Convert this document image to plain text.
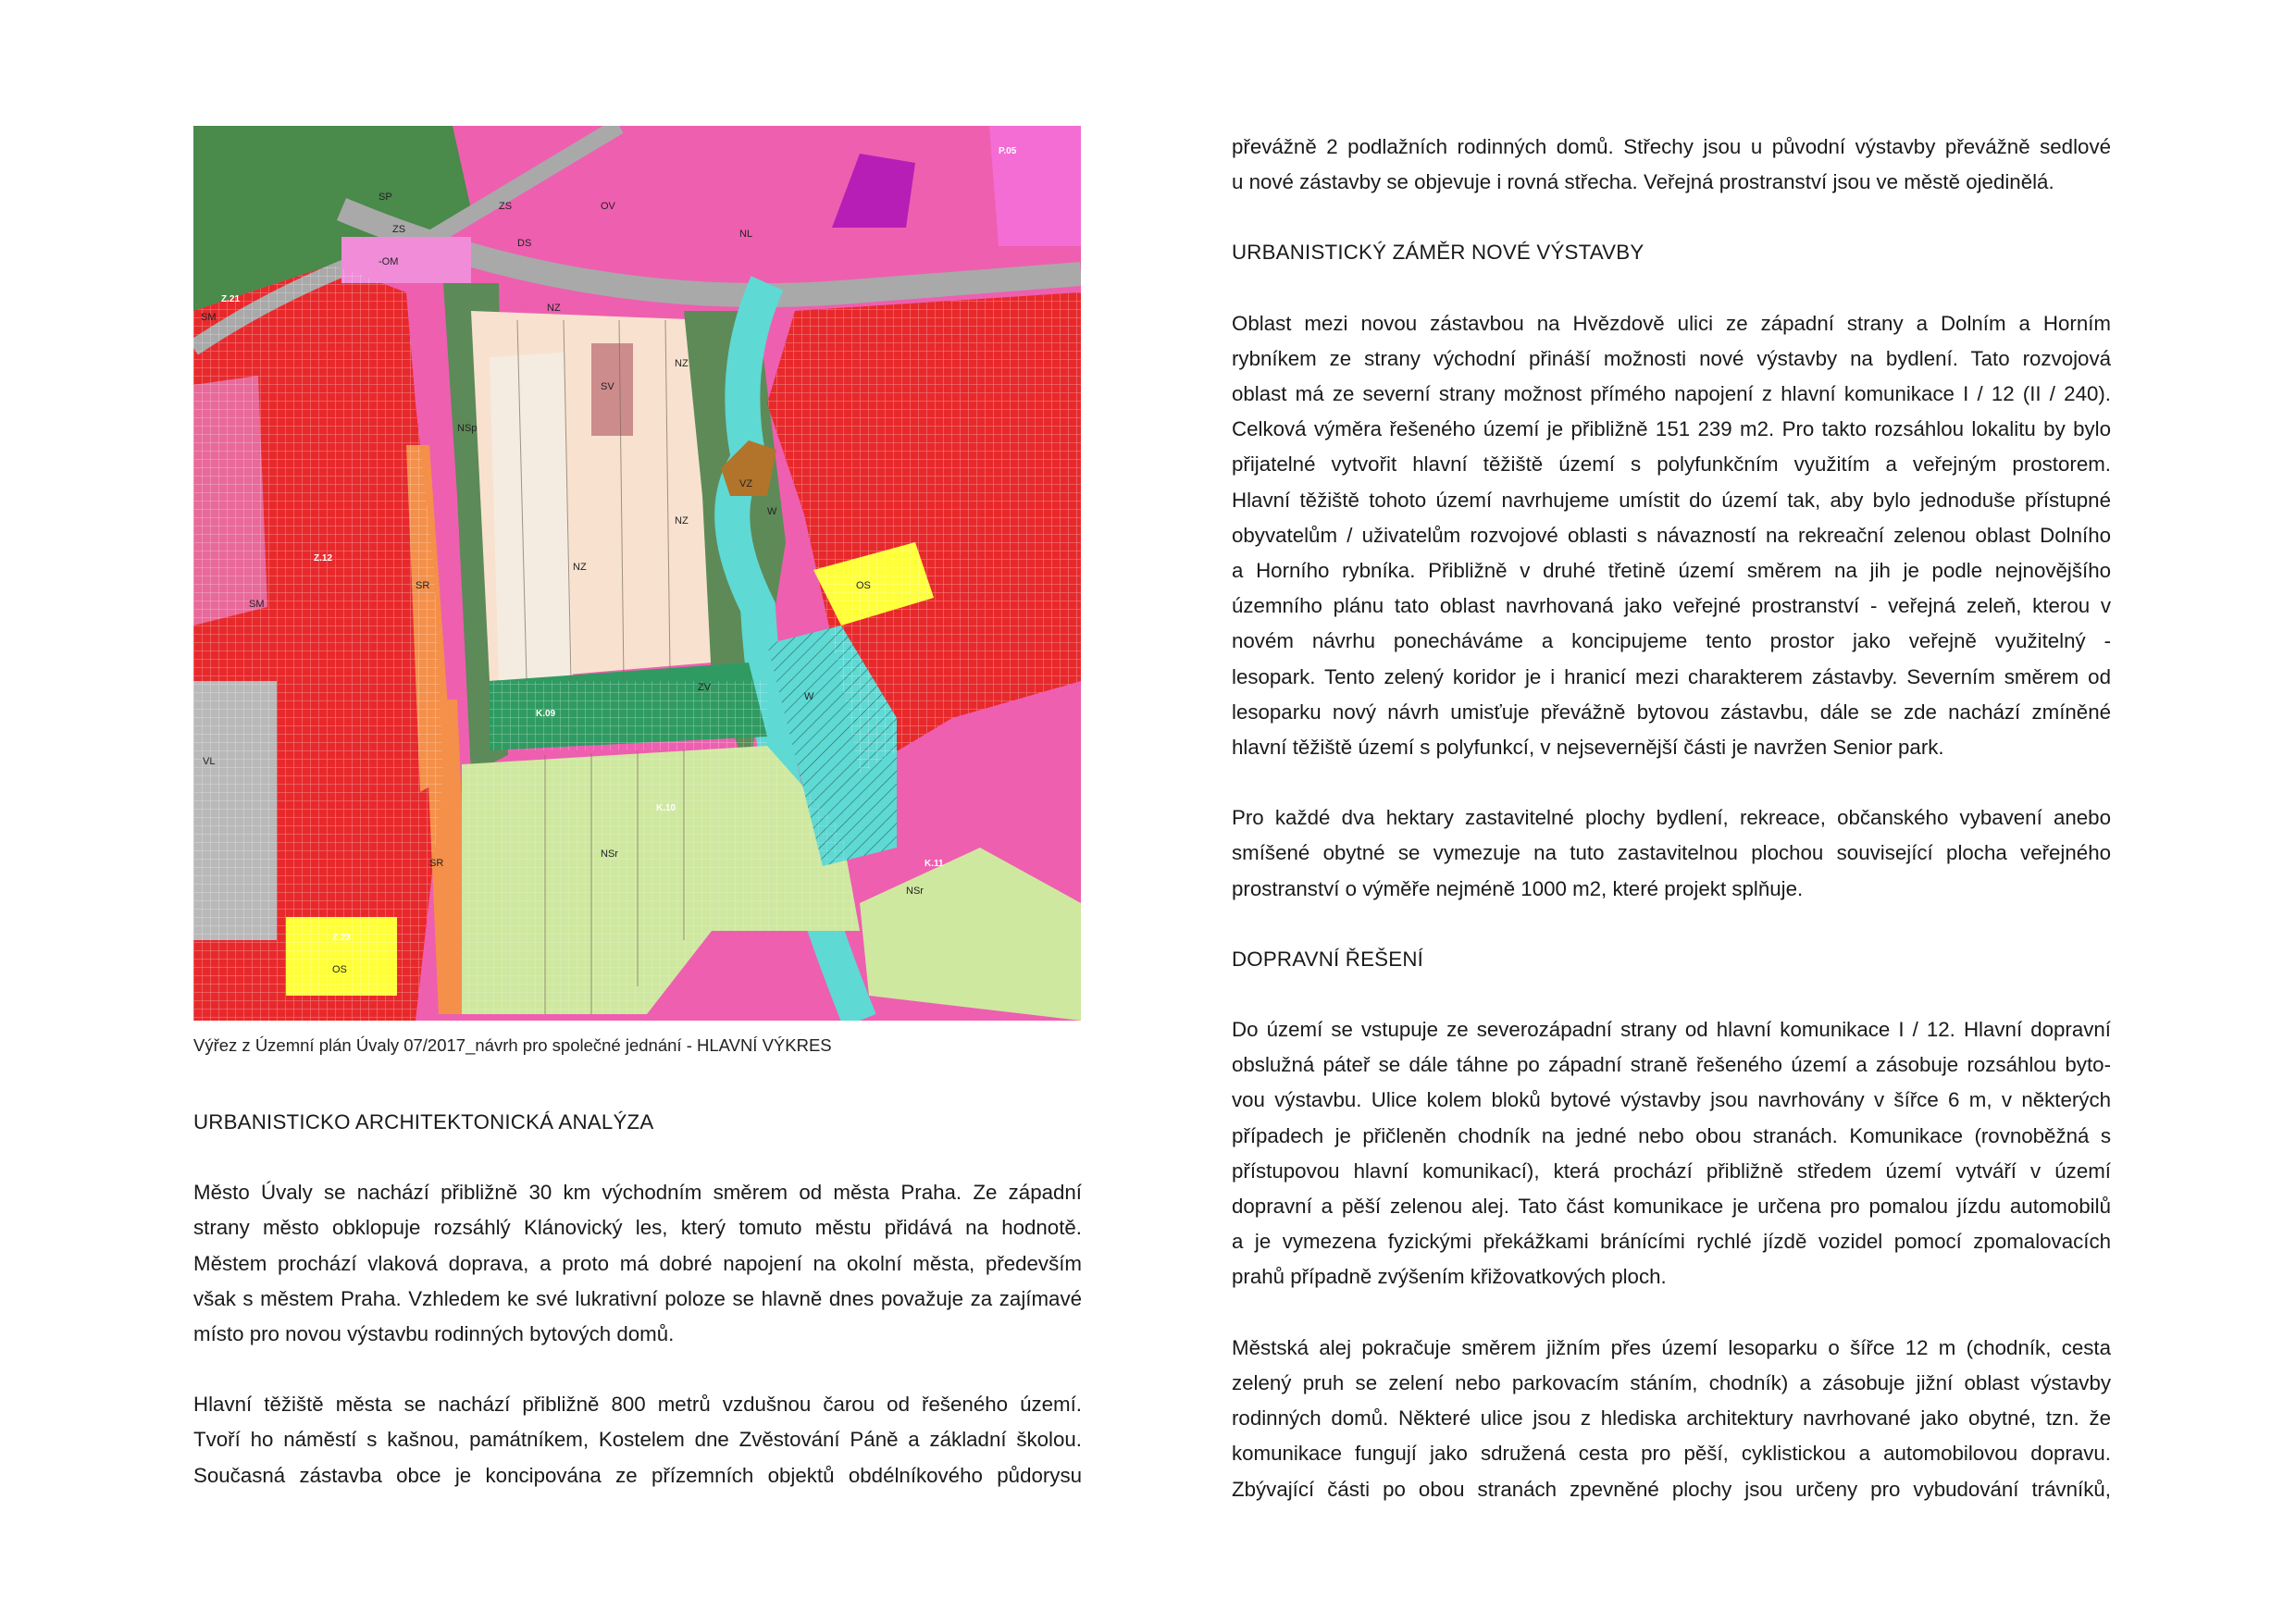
NZ
NZ
NZ
NZ
NSp
NSr
NSr
W
W
SR
SR
SM
SM
SV
OS
OS
-OM
ZS
ZS
DS
NL
VL
VZ
ZV
SP
OV
Z.21
Z.12
Z.23
K.09
K.10
K.11
P.05
Výřez z Územní plán Úvaly 07/2017_návrh pro společné jednání - HLAVNÍ VÝKRES

URBANISTICKO ARCHITEKTONICKÁ ANALÝZA

Město Úvaly se nachází přibližně 30 km východním směrem od města Praha. Ze západní

strany město obklopuje rozsáhlý Klánovický les, který tomuto městu přidává na hodnotě.

Městem prochází vlaková doprava, a proto má dobré napojení na okolní města, především

však s městem Praha. Vzhledem ke své lukrativní poloze se hlavně dnes považuje za zajímavé

místo pro novou výstavbu rodinných bytových domů.

Hlavní těžiště města se nachází přibližně 800 metrů vzdušnou čarou od řešeného území.

Tvoří ho náměstí s kašnou, památníkem, Kostelem dne Zvěstování Páně a základní školou.

Současná zástavba obce je koncipována ze přízemních objektů obdélníkového půdorysu

převážně 2 podlažních rodinných domů. Střechy jsou u původní výstavby převážně sedlové

u nové zástavby se objevuje i rovná střecha. Veřejná prostranství jsou ve městě ojedinělá.

URBANISTICKÝ ZÁMĚR NOVÉ VÝSTAVBY

Oblast mezi novou zástavbou na Hvězdově ulici ze západní strany a Dolním a Horním

rybníkem ze strany východní přináší možnosti nové výstavby na bydlení. Tato rozvojová

oblast má ze severní strany možnost přímého napojení z hlavní komunikace I / 12 (II / 240).

Celková výměra řešeného území je přibližně 151 239 m2. Pro takto rozsáhlou lokalitu by bylo

přijatelné vytvořit hlavní těžiště území s polyfunkčním využitím a veřejným prostorem.

Hlavní těžiště tohoto území navrhujeme umístit do území tak, aby bylo jednoduše přístupné

obyvatelům / uživatelům rozvojové oblasti s návazností na rekreační zelenou oblast Dolního

a Horního rybníka. Přibližně v druhé třetině území směrem na jih je podle nejnovějšího

územního plánu tato oblast navrhovaná jako veřejné prostranství - veřejná zeleň, kterou v

novém návrhu ponecháváme a koncipujeme tento prostor jako veřejně využitelný -

lesopark. Tento zelený koridor je i hranicí mezi charakterem zástavby. Severním směrem od

lesoparku nový návrh umisťuje převážně bytovou zástavbu, dále se zde nachází zmíněné

hlavní těžiště území s polyfunkcí, v nejsevernější části je navržen Senior park.

Pro každé dva hektary zastavitelné plochy bydlení, rekreace, občanského vybavení anebo

smíšené obytné se vymezuje na tuto zastavitelnou plochou související plocha veřejného

prostranství o výměře nejméně 1000 m2, které projekt splňuje.

DOPRAVNÍ ŘEŠENÍ

Do území se vstupuje ze severozápadní strany od hlavní komunikace I / 12. Hlavní dopravní

obslužná páteř se dále táhne po západní straně řešeného území a zásobuje rozsáhlou byto-

vou výstavbu. Ulice kolem bloků bytové výstavby jsou navrhovány v šířce 6 m, v některých

případech je přičleněn chodník na jedné nebo obou stranách. Komunikace (rovnoběžná s

přístupovou hlavní komunikací), která prochází přibližně středem území vytváří v území

dopravní a pěší zelenou alej. Tato část komunikace je určena pro pomalou jízdu automobilů

a je vymezena fyzickými překážkami bránícími rychlé jízdě vozidel pomocí zpomalovacích

prahů případně zvýšením křižovatkových ploch.

Městská alej pokračuje směrem jižním přes území lesoparku o šířce 12 m (chodník, cesta

zelený pruh se zelení nebo parkovacím stáním, chodník) a zásobuje jižní oblast výstavby

rodinných domů. Některé ulice jsou z hlediska architektury navrhované jako obytné, tzn. že

komunikace fungují jako sdružená cesta pro pěší, cyklistickou a automobilovou dopravu.

Zbývající části po obou stranách zpevněné plochy jsou určeny pro vybudování trávníků,
